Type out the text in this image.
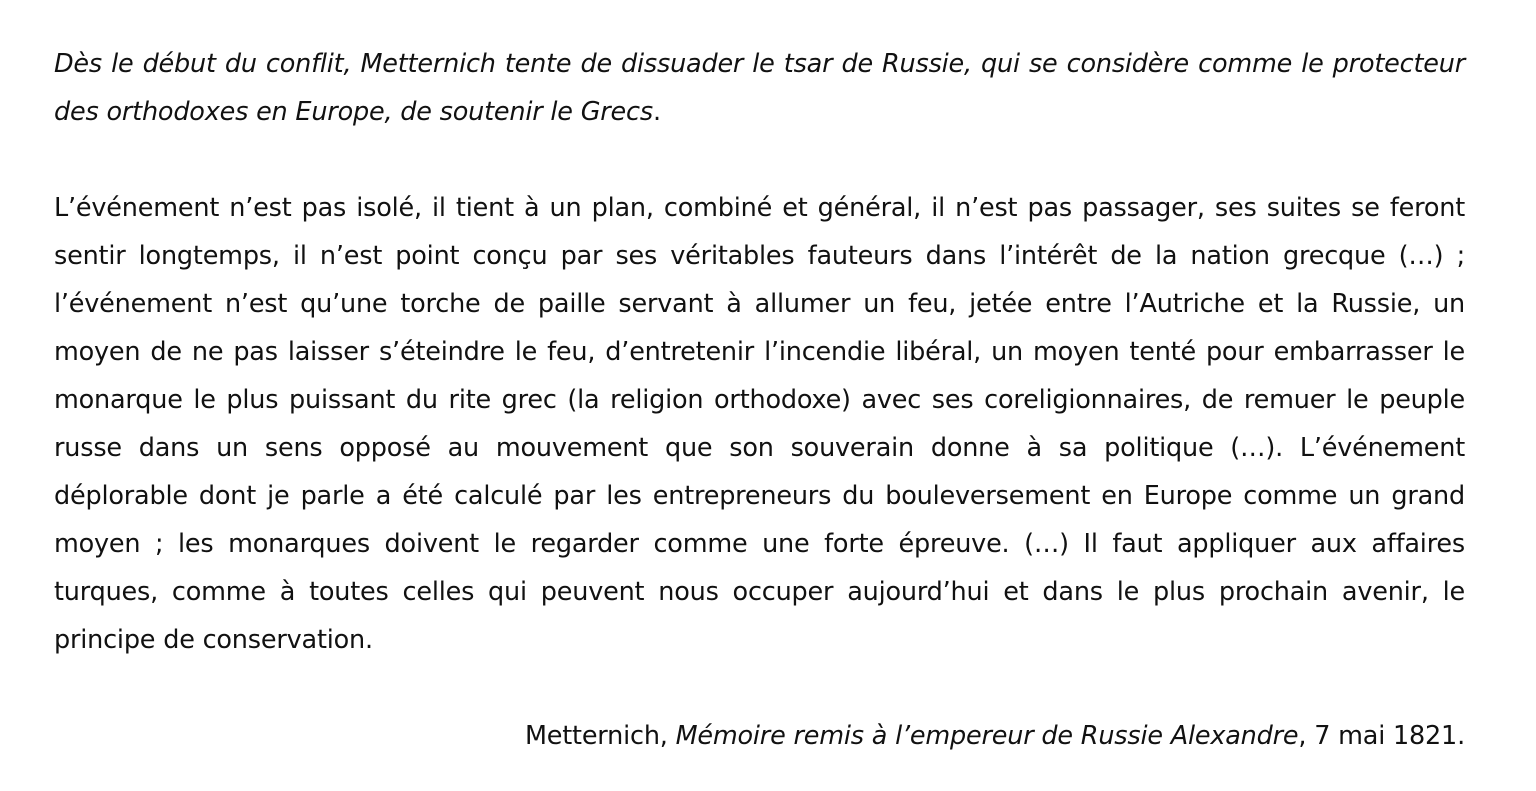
Dès le début du conflit, Metternich tente de dissuader le tsar de Russie, qui se considère comme le protecteur des orthodoxes en Europe, de soutenir le Grecs.

L’événement n’est pas isolé, il tient à un plan, combiné et général, il n’est pas passager, ses suites se feront sentir longtemps, il n’est point conçu par ses véritables fauteurs dans l’intérêt de la nation grecque (…) ; l’événement n’est qu’une torche de paille servant à allumer un feu, jetée entre l’Autriche et la Russie, un moyen de ne pas laisser s’éteindre le feu, d’entretenir l’incendie libéral, un moyen tenté pour embarrasser le monarque le plus puissant du rite grec (la religion orthodoxe) avec ses coreligionnaires, de remuer le peuple russe dans un sens opposé au mouvement que son souverain donne à sa politique (…). L’événement déplorable dont je parle a été calculé par les entrepreneurs du bouleversement en Europe comme un grand moyen ; les monarques doivent le regarder comme une forte épreuve. (…) Il faut appliquer aux affaires turques, comme à toutes celles qui peuvent nous occuper aujourd’hui et dans le plus prochain avenir, le principe de conservation.

Metternich, Mémoire remis à l’empereur de Russie Alexandre, 7 mai 1821.
